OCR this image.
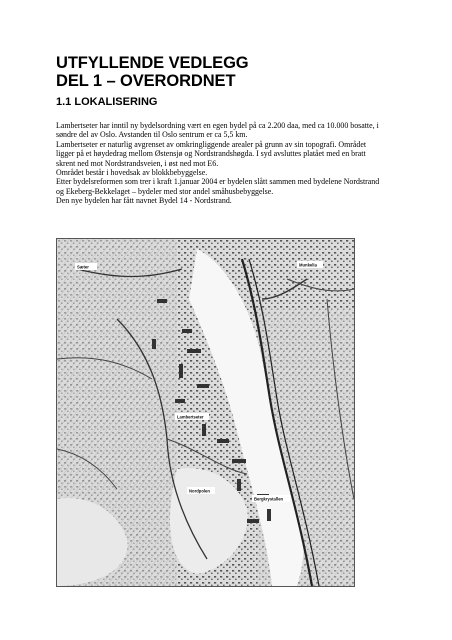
UTFYLLENDE VEDLEGG
DEL 1 – OVERORDNET
1.1 LOKALISERING

Lambertseter har inntil ny bydelsordning vært en egen bydel på ca 2.200 daa, med ca 10.000 bosatte, i

søndre del av Oslo. Avstanden til Oslo sentrum er ca 5,5 km.

Lambertseter er naturlig avgrenset av omkringliggende arealer på grunn av sin topografi. Området

ligger på et høydedrag mellom Østensjø og Nordstrandshøgda. I syd avsluttes platået med en bratt

skrent ned mot Nordstrandsveien, i øst ned mot E6.

Området består i hovedsak av blokkbebyggelse.

Etter bydelsreformen som trer i kraft 1.januar 2004 er bydelen slått sammen med bydelene Nordstrand

og Ekeberg-Bekkelaget – bydeler med stor andel småhusbebyggelse.

Den nye bydelen har fått navnet Bydel 14 - Nordstrand.

Sæter	Munkelia
Lambertseter
Nordpolen
Bergkrystallen
